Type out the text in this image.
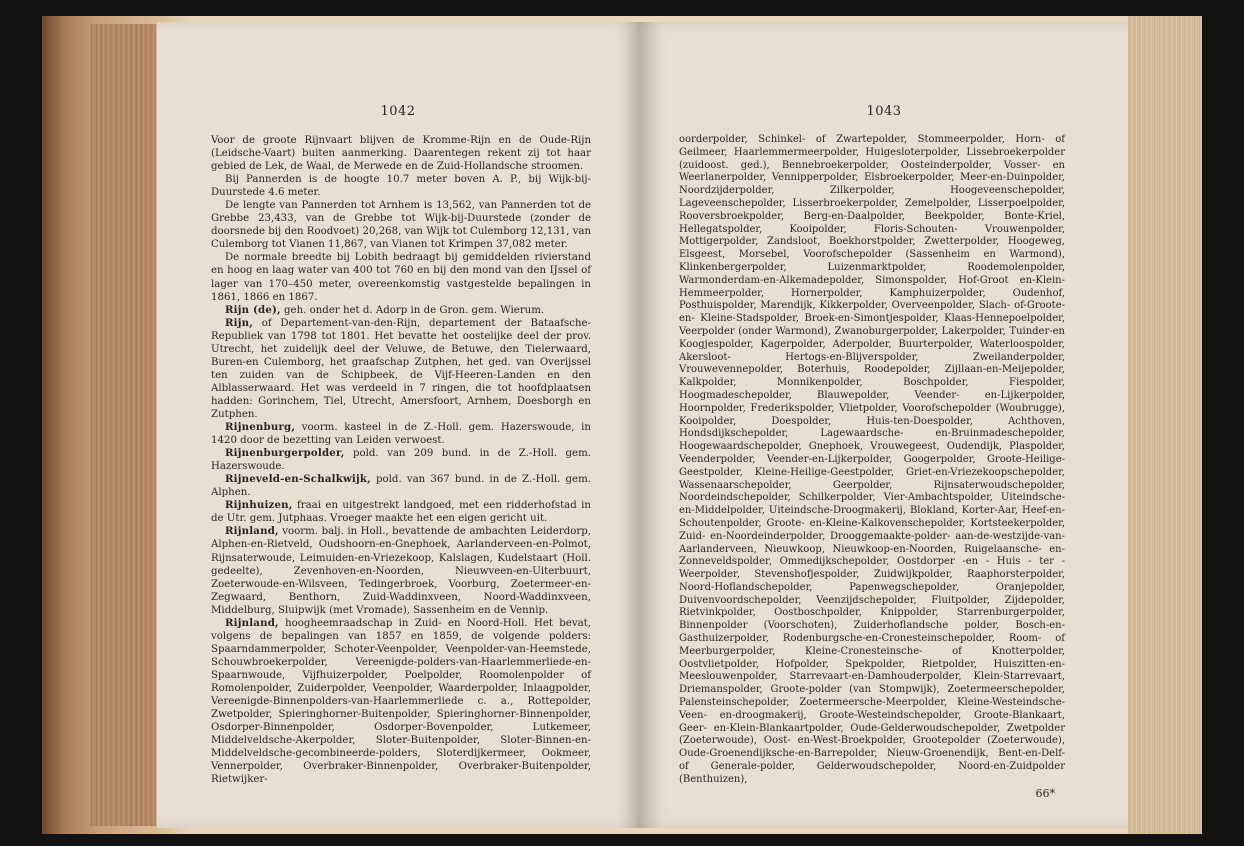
1042

Voor de groote Rijnvaart blijven de Kromme-Rijn en de Oude-Rijn (Leidsche-Vaart) buiten aanmerking. Daarentegen rekent zij tot haar gebied de Lek, de Waal, de Merwede en de Zuid-Hollandsche stroomen.

Bij Pannerden is de hoogte 10.7 meter boven A. P., bij Wijk-bij-Duurstede 4.6 meter.

De lengte van Pannerden tot Arnhem is 13,562, van Pannerden tot de Grebbe 23,433, van de Grebbe tot Wijk-bij-Duurstede (zonder de doorsnede bij den Roodvoet) 20,268, van Wijk tot Culemborg 12,131, van Culemborg tot Vianen 11,867, van Vianen tot Krimpen 37,082 meter.

De normale breedte bij Lobith bedraagt bij gemiddelden rivierstand en hoog en laag water van 400 tot 760 en bij den mond van den IJssel of lager van 170–450 meter, overeenkomstig vastgestelde bepalingen in 1861, 1866 en 1867.

Rijn (de), geh. onder het d. Adorp in de Gron. gem. Wierum.

Rijn, of Departement-van-den-Rijn, departement der Bataafsche-Republiek van 1798 tot 1801. Het bevatte het oostelijke deel der prov. Utrecht, het zuidelijk deel der Veluwe, de Betuwe, den Tielerwaard, Buren-en Culemborg, het graafschap Zutphen, het ged. van Overijssel ten zuiden van de Schipbeek, de Vijf-Heeren-Landen en den Alblasserwaard. Het was verdeeld in 7 ringen, die tot hoofdplaatsen hadden: Gorinchem, Tiel, Utrecht, Amersfoort, Arnhem, Doesborgh en Zutphen.

Rijnenburg, voorm. kasteel in de Z.-Holl. gem. Hazerswoude, in 1420 door de bezetting van Leiden verwoest.

Rijnenburgerpolder, pold. van 209 bund. in de Z.-Holl. gem. Hazerswoude.

Rijneveld-en-Schalkwijk, pold. van 367 bund. in de Z.-Holl. gem. Alphen.

Rijnhuizen, fraai en uitgestrekt landgoed, met een ridderhofstad in de Utr. gem. Jutphaas. Vroeger maakte het een eigen gericht uit.

Rijnland, voorm. balj. in Holl., bevattende de ambachten Leiderdorp, Alphen-en-Rietveld, Oudshoorn-en-Gnephoek, Aarlanderveen-en-Polmot, Rijnsaterwoude, Leimuiden-en-Vriezekoop, Kalslagen, Kudelstaart (Holl. gedeelte), Zevenhoven-en-Noorden, Nieuwveen-en-Uiterbuurt, Zoeterwoude-en-Wilsveen, Tedingerbroek, Voorburg, Zoetermeer-en-Zegwaard, Benthorn, Zuid-Waddinxveen, Noord-Waddinxveen, Middelburg, Sluipwijk (met Vromade), Sassenheim en de Vennip.

Rijnland, hoogheemraadschap in Zuid- en Noord-Holl. Het bevat, volgens de bepalingen van 1857 en 1859, de volgende polders: Spaarndammerpolder, Schoter-Veenpolder, Veenpolder-van-Heemstede, Schouwbroekerpolder, Vereenigde-polders-van-Haarlemmerliede-en-Spaarnwoude, Vijfhuizerpolder, Poelpolder, Roomolenpolder of Romolenpolder, Zuiderpolder, Veenpolder, Waarderpolder, Inlaagpolder, Vereenigde-Binnenpolders-van-Haarlemmerliede c. a., Rottepolder, Zwetpolder, Spieringhorner-Buitenpolder, Spieringhorner-Binnenpolder, Osdorper-Binnenpolder, Osdorper-Bovenpolder, Lutkemeer, Middelveldsche-Akerpolder, Sloter-Buitenpolder, Sloter-Binnen-en-Middelveldsche-gecombineerde-polders, Sloterdijkermeer, Ookmeer, Vennerpolder, Overbraker-Binnenpolder, Overbraker-Buitenpolder, Rietwijker-

1043

oorderpolder, Schinkel- of Zwartepolder, Stommeerpolder, Horn- of Geilmeer, Haarlemmermeerpolder, Huigesloterpolder, Lissebroekerpolder (zuidoost. ged.), Bennebroekerpolder, Oosteinderpolder, Vosser- en Weerlanerpolder, Vennipperpolder, Elsbroekerpolder, Meer-en-Duinpolder, Noordzijderpolder, Zilkerpolder, Hoogeveenschepolder, Lageveenschepolder, Lisserbroekerpolder, Zemelpolder, Lisserpoelpolder, Rooversbroekpolder, Berg-en-Daalpolder, Beekpolder, Bonte-Kriel, Hellegatspolder, Kooipolder, Floris-Schouten- Vrouwenpolder, Mottigerpolder, Zandsloot, Boekhorstpolder, Zwetterpolder, Hoogeweg, Elsgeest, Morsebel, Voorofschepolder (Sassenheim en Warmond), Klinkenbergerpolder, Luizenmarktpolder, Roodemolenpolder, Warmonderdam-en-Alkemadepolder, Simonspolder, Hof-Groot en-Klein-Hemmeerpolder, Hornerpolder, Kamphuizerpolder, Oudenhof, Posthuispolder, Marendijk, Kikkerpolder, Overveenpolder, Slach- of-Groote-en- Kleine-Stadspolder, Broek-en-Simontjespolder, Klaas-Hennepoelpolder, Veerpolder (onder Warmond), Zwanoburgerpolder, Lakerpolder, Tuinder-en Koogjespolder, Kagerpolder, Aderpolder, Buurterpolder, Waterloospolder, Akersloot- Hertogs-en-Blijverspolder, Zweilanderpolder, Vrouwevennepolder, Boterhuis, Roodepolder, Zijllaan-en-Meijepolder, Kalkpolder, Monnikenpolder, Boschpolder, Fiespolder, Hoogmadeschepolder, Blauwepolder, Veender- en-Lijkerpolder, Hoornpolder, Frederikspolder, Vlietpolder, Voorofschepolder (Woubrugge), Kooipolder, Doespolder, Huis-ten-Doespolder, Achthoven, Hondsdijkschepolder, Lagewaardsche- en-Bruinmadeschepolder, Hoogewaardschepolder, Gnephoek, Vrouwegeest, Oudendijk, Plaspolder, Veenderpolder, Veender-en-Lijkerpolder, Googerpolder, Groote-Heilige-Geestpolder, Kleine-Heilige-Geestpolder, Griet-en-Vriezekoopschepolder, Wassenaarschepolder, Geerpolder, Rijnsaterwoudschepolder, Noordeindschepolder, Schilkerpolder, Vier-Ambachtspolder, Uiteindsche-en-Middelpolder, Uiteindsche-Droogmakerij, Blokland, Korter-Aar, Heef-en-Schoutenpolder, Groote- en-Kleine-Kalkovenschepolder, Kortsteekerpolder, Zuid- en-Noordeinderpolder, Drooggemaakte-polder- aan-de-westzijde-van-Aarlanderveen, Nieuwkoop, Nieuwkoop-en-Noorden, Ruigelaansche- en-Zonneveldspolder, Ommedijkschepolder, Oostdorper -en - Huis - ter - Weerpolder, Stevenshofjespolder, Zuidwijkpolder, Raaphorsterpolder, Noord-Hoflandschepolder, Papenwegschepolder, Oranjepolder, Duivenvoordschepolder, Veenzijdschepolder, Fluitpolder, Zijdepolder, Rietvinkpolder, Oostboschpolder, Knippolder, Starrenburgerpolder, Binnenpolder (Voorschoten), Zuiderhoflandsche polder, Bosch-en-Gasthuizerpolder, Rodenburgsche-en-Cronesteinschepolder, Room- of Meerburgerpolder, Kleine-Cronesteinsche- of Knotterpolder, Oostvlietpolder, Hofpolder, Spekpolder, Rietpolder, Huiszitten-en-Meeslouwenpolder, Starrevaart-en-Damhouderpolder, Klein-Starrevaart, Driemanspolder, Groote-polder (van Stompwijk), Zoetermeerschepolder, Palensteinschepolder, Zoetermeersche-Meerpolder, Kleine-Westeindsche-Veen- en-droogmakerij, Groote-Westeindschepolder, Groote-Blankaart, Geer- en-Klein-Blankaartpolder, Oude-Gelderwoudschepolder, Zwetpolder (Zoeterwoude), Oost- en-West-Broekpolder, Grootepolder (Zoeterwoude), Oude-Groenendijksche-en-Barrepolder, Nieuw-Groenendijk, Bent-en-Delf- of Generale-polder, Gelderwoudschepolder, Noord-en-Zuidpolder (Benthuizen),

66*
